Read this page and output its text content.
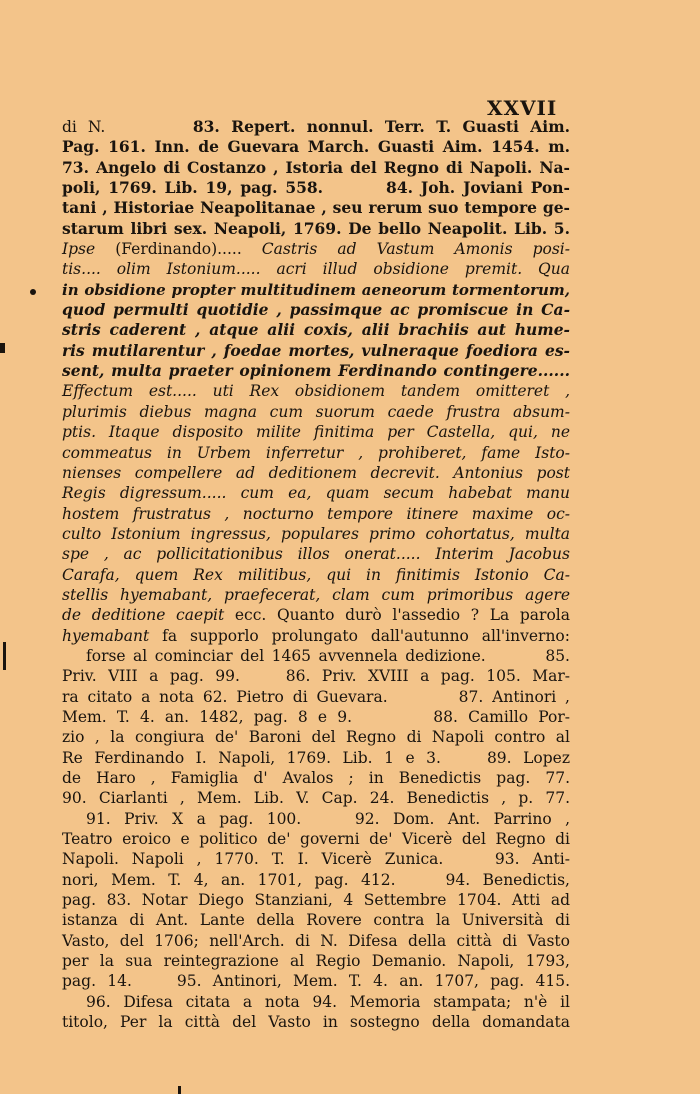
XXVII
di N.        83. Repert. nonnul. Terr. T. Guasti Aim.
Pag. 161. Inn. de Guevara March. Guasti Aim. 1454. m.
73. Angelo di Costanzo , Istoria del Regno di Napoli. Na-
poli, 1769. Lib. 19, pag. 558.        84. Joh. Joviani Pon-
tani , Historiae Neapolitanae , seu rerum suo tempore ge-
starum libri sex. Neapoli, 1769. De bello Neapolit. Lib. 5.
Ipse (Ferdinando)..... Castris ad Vastum Amonis posi-
tis.... olim Istonium..... acri illud obsidione premit. Qua
in obsidione propter multitudinem aeneorum tormentorum,
quod permulti quotidie , passimque ac promiscue in Ca-
stris caderent , atque alii coxis, alii brachiis aut hume-
ris mutilarentur , foedae mortes, vulneraque foediora es-
sent, multa praeter opinionem Ferdinando contingere......
Effectum est..... uti Rex obsidionem tandem omitteret ,
plurimis diebus magna cum suorum caede frustra absum-
ptis. Itaque disposito milite finitima per Castella, qui, ne
commeatus in Urbem inferretur , prohiberet, fame Isto-
nienses compellere ad deditionem decrevit. Antonius post
Regis digressum..... cum ea, quam secum habebat manu
hostem frustratus , nocturno tempore itinere maxime oc-
culto Istonium ingressus, populares primo cohortatus, multa
spe , ac pollicitationibus illos onerat..... Interim Jacobus
Carafa, quem Rex militibus, qui in finitimis Istonio Ca-
stellis hyemabant, praefecerat, clam cum primoribus agere
de deditione caepit ecc. Quanto durò l'assedio ? La parola
hyemabant fa supporlo prolungato dall'autunno all'inverno:
forse al cominciar del 1465 avvennela dedizione.        85.
Priv. VIII a pag. 99.    86. Priv. XVIII a pag. 105. Mar-
ra citato a nota 62. Pietro di Guevara.        87. Antinori ,
Mem. T. 4. an. 1482, pag. 8 e 9.        88. Camillo Por-
zio , la congiura de' Baroni del Regno di Napoli contro al
Re Ferdinando I. Napoli, 1769. Lib. 1 e 3.    89. Lopez
de Haro , Famiglia d' Avalos ; in Benedictis pag. 77.
90. Ciarlanti , Mem. Lib. V. Cap. 24. Benedictis , p. 77.
91. Priv. X a pag. 100.    92. Dom. Ant. Parrino ,
Teatro eroico e politico de' governi de' Vicerè del Regno di
Napoli. Napoli , 1770. T. I. Vicerè Zunica.    93. Anti-
nori, Mem. T. 4, an. 1701, pag. 412.    94. Benedictis,
pag. 83. Notar Diego Stanziani, 4 Settembre 1704. Atti ad
istanza di Ant. Lante della Rovere contra la Università di
Vasto, del 1706; nell'Arch. di N. Difesa della città di Vasto
per la sua reintegrazione al Regio Demanio. Napoli, 1793,
pag. 14.    95. Antinori, Mem. T. 4. an. 1707, pag. 415.
96. Difesa citata a nota 94. Memoria stampata; n'è il
titolo, Per la città del Vasto in sostegno della domandata
